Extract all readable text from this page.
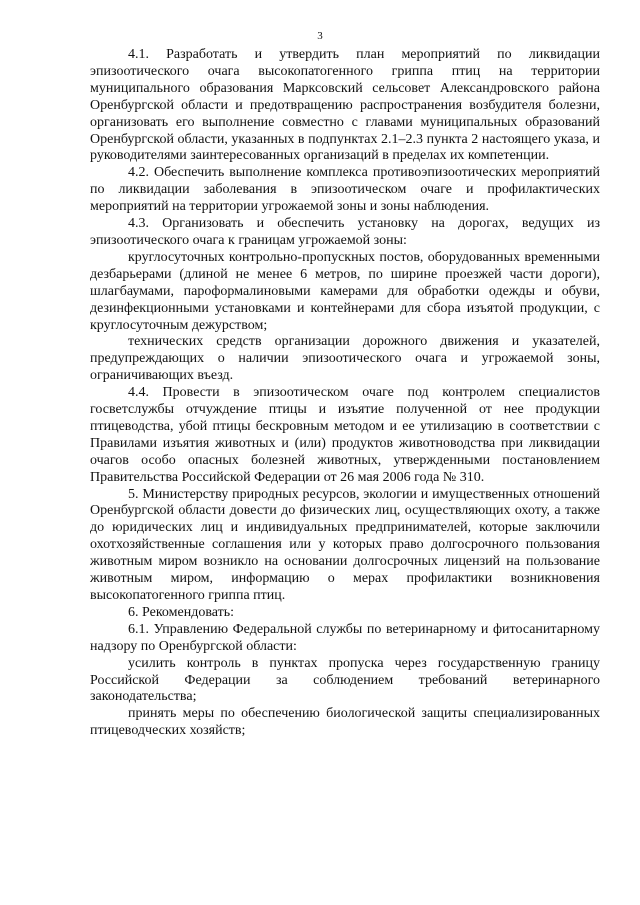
3

4.1. Разработать и утвердить план мероприятий по ликвидации эпизоотического очага высокопатогенного гриппа птиц на территории муниципального образования Марксовский сельсовет Александровского района Оренбургской области и предотвращению распространения возбудителя болезни, организовать его выполнение совместно с главами муниципальных образований Оренбургской области, указанных в подпунктах 2.1–2.3 пункта 2 настоящего указа, и руководителями заинтересованных организаций в пределах их компетенции.

4.2. Обеспечить выполнение комплекса противоэпизоотических мероприятий по ликвидации заболевания в эпизоотическом очаге и профилактических мероприятий на территории угрожаемой зоны и зоны наблюдения.

4.3. Организовать и обеспечить установку на дорогах, ведущих из эпизоотического очага к границам угрожаемой зоны:

круглосуточных контрольно-пропускных постов, оборудованных временными дезбарьерами (длиной не менее 6 метров, по ширине проезжей части дороги), шлагбаумами, пароформалиновыми камерами для обработки одежды и обуви, дезинфекционными установками и контейнерами для сбора изъятой продукции, с круглосуточным дежурством;

технических средств организации дорожного движения и указателей, предупреждающих о наличии эпизоотического очага и угрожаемой зоны, ограничивающих въезд.

4.4. Провести в эпизоотическом очаге под контролем специалистов госветслужбы отчуждение птицы и изъятие полученной от нее продукции птицеводства, убой птицы бескровным методом и ее утилизацию в соответствии с Правилами изъятия животных и (или) продуктов животноводства при ликвидации очагов особо опасных болезней животных, утвержденными постановлением Правительства Российской Федерации от 26 мая 2006 года № 310.

5. Министерству природных ресурсов, экологии и имущественных отношений Оренбургской области довести до физических лиц, осуществляющих охоту, а также до юридических лиц и индивидуальных предпринимателей, которые заключили охотхозяйственные соглашения или у которых право долгосрочного пользования животным миром возникло на основании долгосрочных лицензий на пользование животным миром, информацию о мерах профилактики возникновения высокопатогенного гриппа птиц.

6. Рекомендовать:

6.1. Управлению Федеральной службы по ветеринарному и фитосанитарному надзору по Оренбургской области:

усилить контроль в пунктах пропуска через государственную границу Российской Федерации за соблюдением требований ветеринарного законодательства;

принять меры по обеспечению биологической защиты специализированных птицеводческих хозяйств;
